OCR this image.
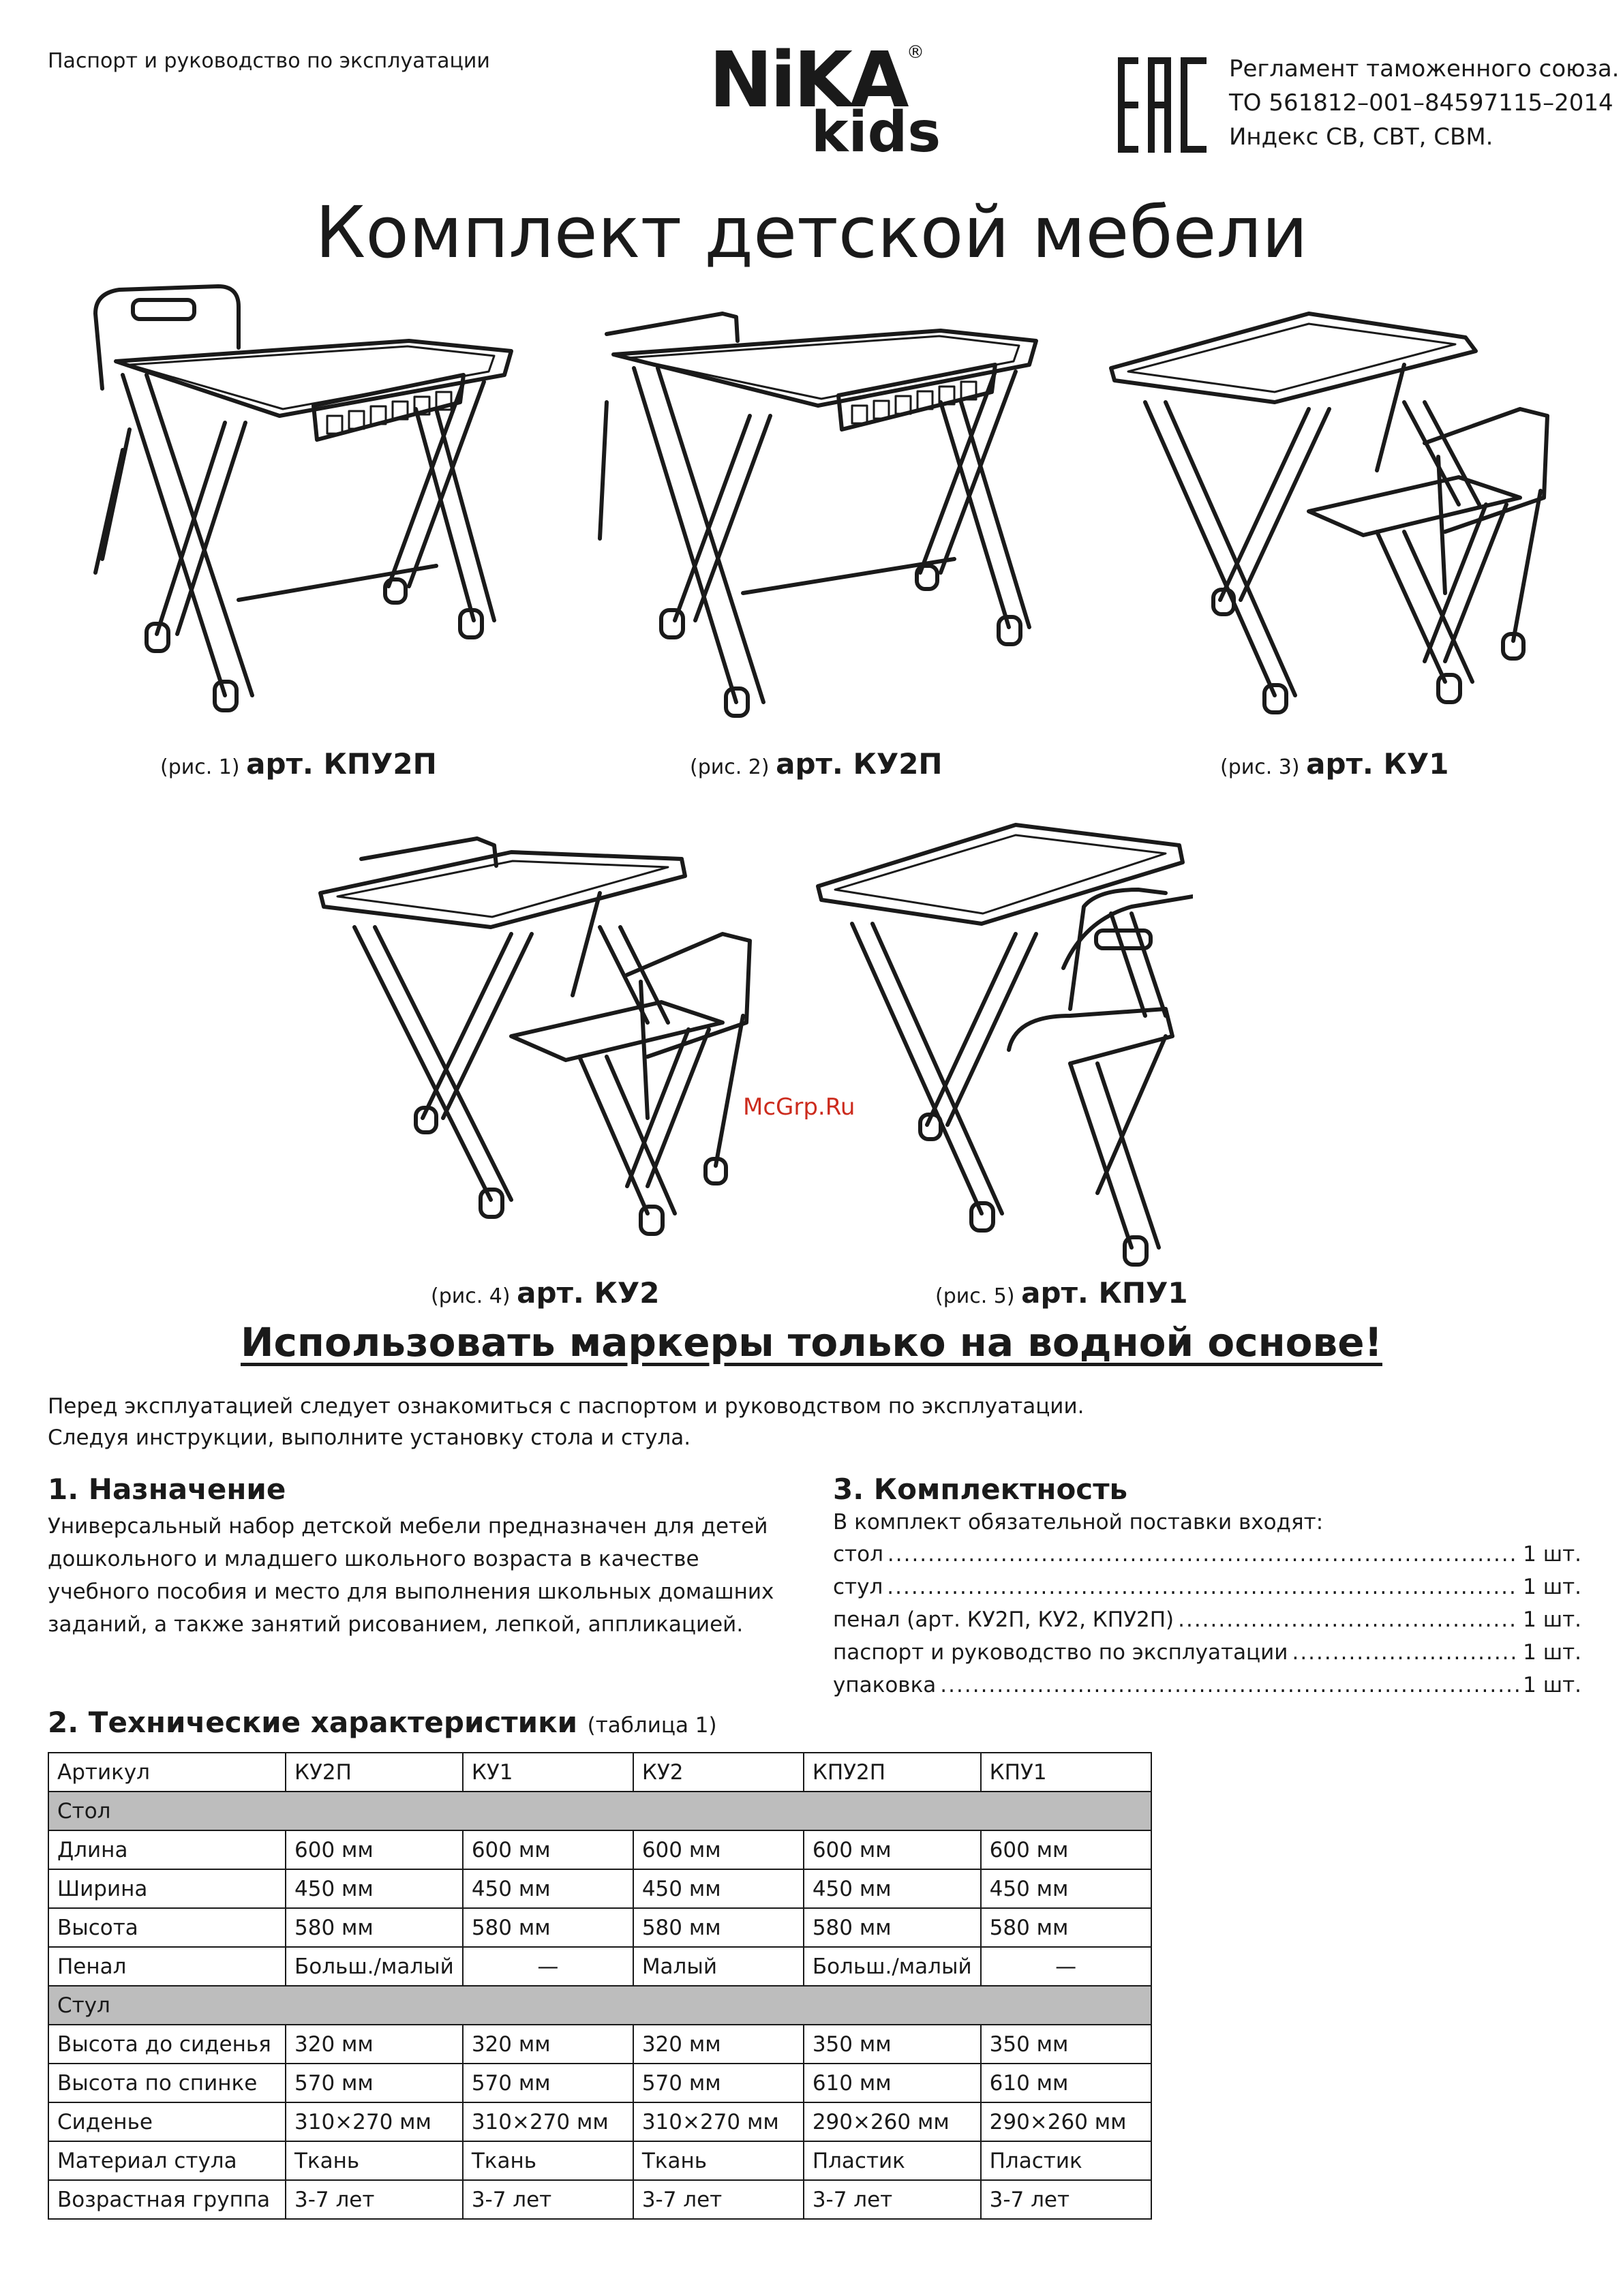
Паспорт и руководство по эксплуатации	NiKA
kids
®
Регламент таможенного союза.
ТО 561812–001–84597115–2014
Индекс СВ, СВТ, СВМ.
Комплект детской мебели
(рис. 1) арт. КПУ2П	(рис. 2) арт. КУ2П	(рис. 3) арт. КУ1
(рис. 4) арт. КУ2	(рис. 5) арт. КПУ1
McGrp.Ru
Использовать маркеры только на водной основе!
Перед эксплуатацией следует ознакомиться с паспортом и руководством по эксплуатации.
Следуя инструкции, выполните установку стола и стула.
1. Назначение
Универсальный набор детской мебели предназначен для детей
дошкольного и младшего школьного возраста в качестве
учебного пособия и место для выполнения школьных домашних
заданий, а также занятий рисованием, лепкой, аппликацией.
3. Комплектность
В комплект обязательной поставки входят:
стол .....	1 шт.
стул .....	1 шт.
пенал (арт. КУ2П, КУ2, КПУ2П) .....	1 шт.
паспорт и руководство по эксплуатации .....	1 шт.
упаковка .....	1 шт.
2. Технические характеристики (таблица 1)
Артикул	КУ2П	КУ1	КУ2	КПУ2П	КПУ1
Стол					
Длина	600 мм	600 мм	600 мм	600 мм	600 мм
Ширина	450 мм	450 мм	450 мм	450 мм	450 мм
Высота	580 мм	580 мм	580 мм	580 мм	580 мм
Пенал	Больш./малый	—	Малый	Больш./малый	—
Стул					
Высота до сиденья	320 мм	320 мм	320 мм	350 мм	350 мм
Высота по спинке	570 мм	570 мм	570 мм	610 мм	610 мм
Сиденье	310×270 мм	310×270 мм	310×270 мм	290×260 мм	290×260 мм
Материал стула	Ткань	Ткань	Ткань	Пластик	Пластик
Возрастная группа	3-7 лет	3-7 лет	3-7 лет	3-7 лет	3-7 лет
